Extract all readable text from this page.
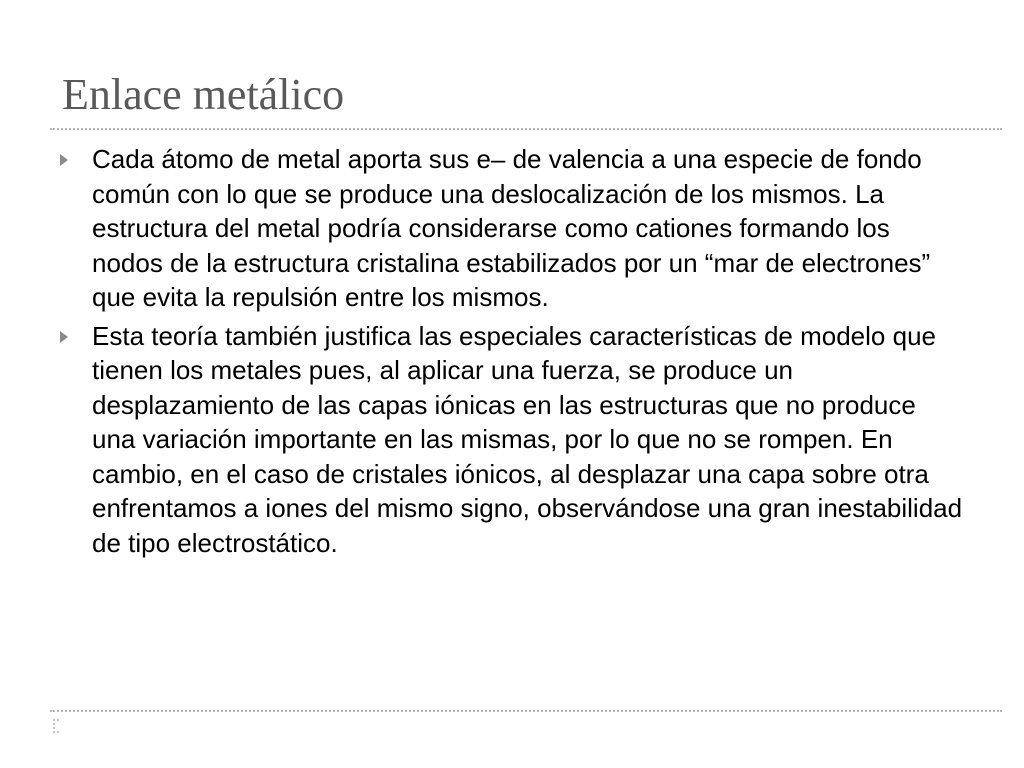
Enlace metálico
Cada átomo de metal aporta sus e– de valencia a una especie de fondo común con lo que se produce una deslocalización de los mismos. La estructura del metal podría considerarse como cationes formando los nodos de la estructura cristalina estabilizados por un “mar de electrones” que evita la repulsión entre los mismos.
Esta teoría también justifica las especiales características de modelo que tienen los metales pues, al aplicar una fuerza, se produce un desplazamiento de las capas iónicas en las estructuras que no produce una variación importante en las mismas, por lo que no se rompen. En cambio, en el caso de cristales iónicos, al desplazar una capa sobre otra enfrentamos a iones del mismo signo, observándose una gran inestabilidad de tipo electrostático.
